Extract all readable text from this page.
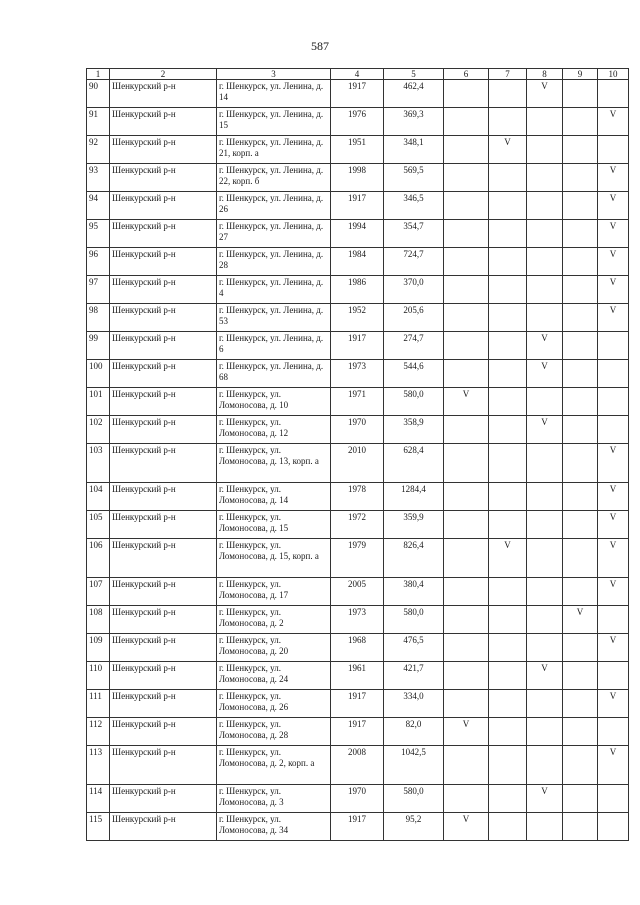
587
1	2	3	4	5	6	7	8	9	10
90	Шенкурский р-н	г. Шенкурск, ул. Ленина, д. 14	1917	462,4			V		
91	Шенкурский р-н	г. Шенкурск, ул. Ленина, д. 15	1976	369,3					V
92	Шенкурский р-н	г. Шенкурск, ул. Ленина, д. 21, корп. а	1951	348,1		V			
93	Шенкурский р-н	г. Шенкурск, ул. Ленина, д. 22, корп. б	1998	569,5					V
94	Шенкурский р-н	г. Шенкурск, ул. Ленина, д. 26	1917	346,5					V
95	Шенкурский р-н	г. Шенкурск, ул. Ленина, д. 27	1994	354,7					V
96	Шенкурский р-н	г. Шенкурск, ул. Ленина, д. 28	1984	724,7					V
97	Шенкурский р-н	г. Шенкурск, ул. Ленина, д. 4	1986	370,0					V
98	Шенкурский р-н	г. Шенкурск, ул. Ленина, д. 53	1952	205,6					V
99	Шенкурский р-н	г. Шенкурск, ул. Ленина, д. 6	1917	274,7			V		
100	Шенкурский р-н	г. Шенкурск, ул. Ленина, д. 68	1973	544,6			V		
101	Шенкурский р-н	г. Шенкурск, ул. Ломоносова, д. 10	1971	580,0	V				
102	Шенкурский р-н	г. Шенкурск, ул. Ломоносова, д. 12	1970	358,9			V		
103	Шенкурский р-н	г. Шенкурск, ул. Ломоносова, д. 13, корп. а	2010	628,4					V
104	Шенкурский р-н	г. Шенкурск, ул. Ломоносова, д. 14	1978	1284,4					V
105	Шенкурский р-н	г. Шенкурск, ул. Ломоносова, д. 15	1972	359,9					V
106	Шенкурский р-н	г. Шенкурск, ул. Ломоносова, д. 15, корп. а	1979	826,4		V			V
107	Шенкурский р-н	г. Шенкурск, ул. Ломоносова, д. 17	2005	380,4					V
108	Шенкурский р-н	г. Шенкурск, ул. Ломоносова, д. 2	1973	580,0				V	
109	Шенкурский р-н	г. Шенкурск, ул. Ломоносова, д. 20	1968	476,5					V
110	Шенкурский р-н	г. Шенкурск, ул. Ломоносова, д. 24	1961	421,7			V		
111	Шенкурский р-н	г. Шенкурск, ул. Ломоносова, д. 26	1917	334,0					V
112	Шенкурский р-н	г. Шенкурск, ул. Ломоносова, д. 28	1917	82,0	V				
113	Шенкурский р-н	г. Шенкурск, ул. Ломоносова, д. 2, корп. а	2008	1042,5					V
114	Шенкурский р-н	г. Шенкурск, ул. Ломоносова, д. 3	1970	580,0			V		
115	Шенкурский р-н	г. Шенкурск, ул. Ломоносова, д. 34	1917	95,2	V				
